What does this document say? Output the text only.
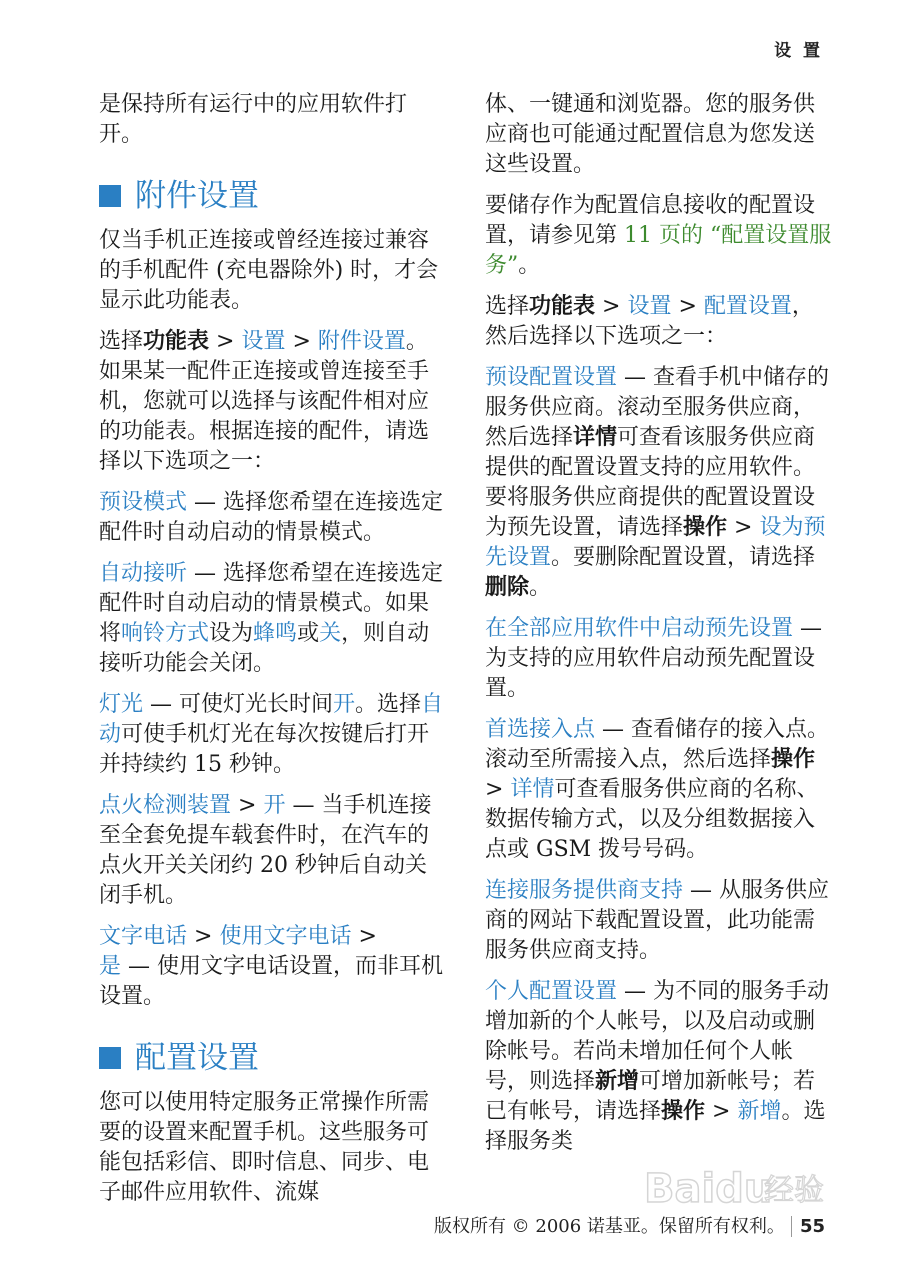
设 置

是保持所有运行中的应用软件打开。

附件设置

仅当手机正连接或曾经连接过兼容的手机配件 (充电器除外) 时，才会显示此功能表。

选择功能表 > 设置 > 附件设置。如果某一配件正连接或曾连接至手机，您就可以选择与该配件相对应的功能表。根据连接的配件，请选择以下选项之一：

预设模式 — 选择您希望在连接选定配件时自动启动的情景模式。

自动接听 — 选择您希望在连接选定配件时自动启动的情景模式。如果将响铃方式设为蜂鸣或关，则自动接听功能会关闭。

灯光 — 可使灯光长时间开。选择自动可使手机灯光在每次按键后打开并持续约 15 秒钟。

点火检测装置 > 开 — 当手机连接至全套免提车载套件时，在汽车的点火开关关闭约 20 秒钟后自动关闭手机。

文字电话 > 使用文字电话 >
是 — 使用文字电话设置，而非耳机设置。

配置设置

您可以使用特定服务正常操作所需要的设置来配置手机。这些服务可能包括彩信、即时信息、同步、电子邮件应用软件、流媒

体、一键通和浏览器。您的服务供应商也可能通过配置信息为您发送这些设置。

要储存作为配置信息接收的配置设置，请参见第 11 页的 “配置设置服务”。

选择功能表 > 设置 > 配置设置，然后选择以下选项之一：

预设配置设置 — 查看手机中储存的服务供应商。滚动至服务供应商，然后选择详情可查看该服务供应商提供的配置设置支持的应用软件。要将服务供应商提供的配置设置设为预先设置，请选择操作 > 设为预先设置。要删除配置设置，请选择删除。

在全部应用软件中启动预先设置 — 为支持的应用软件启动预先配置设置。

首选接入点 — 查看储存的接入点。滚动至所需接入点，然后选择操作 > 详情可查看服务供应商的名称、数据传输方式，以及分组数据接入点或 GSM 拨号号码。

连接服务提供商支持 — 从服务供应商的网站下载配置设置，此功能需服务供应商支持。

个人配置设置 — 为不同的服务手动增加新的个人帐号，以及启动或删除帐号。若尚未增加任何个人帐号，则选择新增可增加新帐号；若已有帐号，请选择操作 > 新增。选择服务类

Baidu
经验
版权所有 © 2006 诺基亚。保留所有权利。 55
